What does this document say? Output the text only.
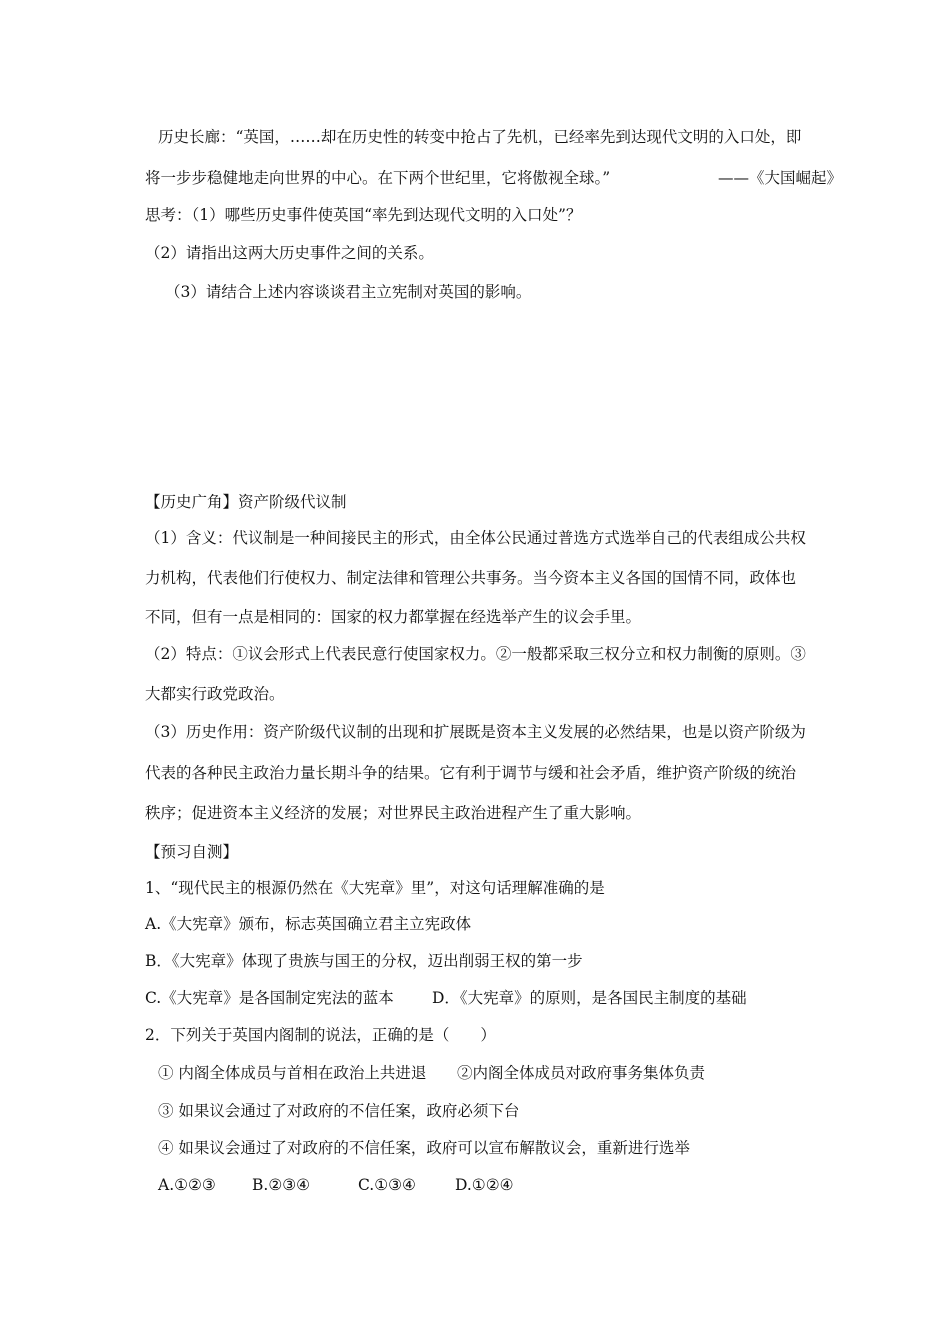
历史长廊：“英国，……却在历史性的转变中抢占了先机，已经率先到达现代文明的入口处，即
将一步步稳健地走向世界的中心。在下两个世纪里，它将傲视全球。”	——《大国崛起》
思考：（1）哪些历史事件使英国“率先到达现代文明的入口处”？
（2）请指出这两大历史事件之间的关系。
（3）请结合上述内容谈谈君主立宪制对英国的影响。
【历史广角】资产阶级代议制
（1）含义：代议制是一种间接民主的形式，由全体公民通过普选方式选举自己的代表组成公共权
力机构，代表他们行使权力、制定法律和管理公共事务。当今资本主义各国的国情不同，政体也
不同，但有一点是相同的：国家的权力都掌握在经选举产生的议会手里。
（2）特点：①议会形式上代表民意行使国家权力。②一般都采取三权分立和权力制衡的原则。③
大都实行政党政治。
（3）历史作用：资产阶级代议制的出现和扩展既是资本主义发展的必然结果，也是以资产阶级为
代表的各种民主政治力量长期斗争的结果。它有利于调节与缓和社会矛盾，维护资产阶级的统治
秩序；促进资本主义经济的发展；对世界民主政治进程产生了重大影响。
【预习自测】
1、“现代民主的根源仍然在《大宪章》里”，对这句话理解准确的是
A.《大宪章》颁布，标志英国确立君主立宪政体
B．《大宪章》体现了贵族与国王的分权，迈出削弱王权的第一步
C.《大宪章》是各国制定宪法的蓝本 D．《大宪章》的原则，是各国民主制度的基础
2．下列关于英国内阁制的说法，正确的是（　　）
① 内阁全体成员与首相在政治上共进退 ②内阁全体成员对政府事务集体负责
③ 如果议会通过了对政府的不信任案，政府必须下台
④ 如果议会通过了对政府的不信任案，政府可以宣布解散议会，重新进行选举
A.①②③ B.②③④	C.①③④	D.①②④
